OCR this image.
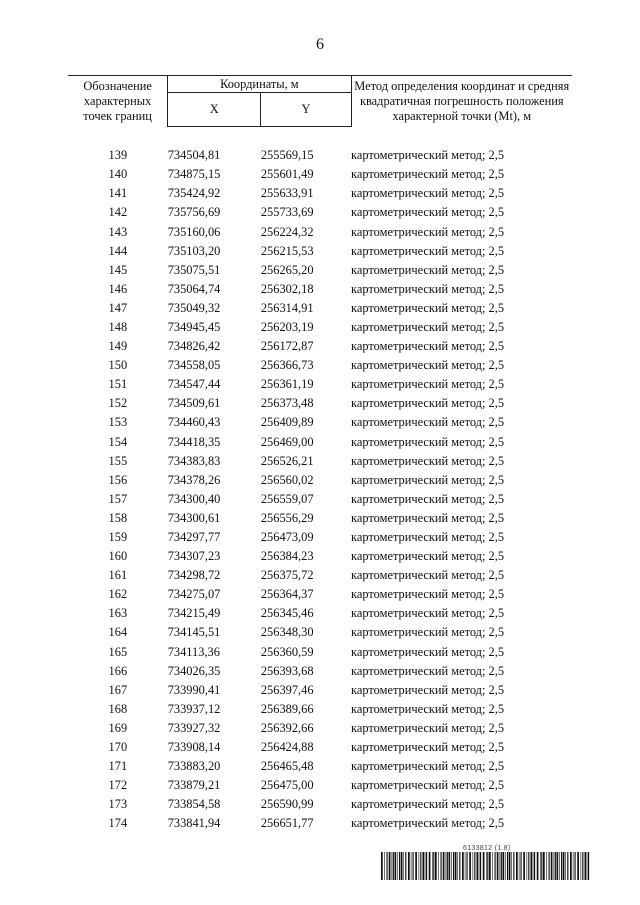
6
Обозначение характерных точек границ	Координаты, м		Метод определения координат и средняя квадратичная погрешность положения характерной точки (Mt), м
	X	Y	

139	734504,81	255569,15	картометрический метод; 2,5
140	734875,15	255601,49	картометрический метод; 2,5
141	735424,92	255633,91	картометрический метод; 2,5
142	735756,69	255733,69	картометрический метод; 2,5
143	735160,06	256224,32	картометрический метод; 2,5
144	735103,20	256215,53	картометрический метод; 2,5
145	735075,51	256265,20	картометрический метод; 2,5
146	735064,74	256302,18	картометрический метод; 2,5
147	735049,32	256314,91	картометрический метод; 2,5
148	734945,45	256203,19	картометрический метод; 2,5
149	734826,42	256172,87	картометрический метод; 2,5
150	734558,05	256366,73	картометрический метод; 2,5
151	734547,44	256361,19	картометрический метод; 2,5
152	734509,61	256373,48	картометрический метод; 2,5
153	734460,43	256409,89	картометрический метод; 2,5
154	734418,35	256469,00	картометрический метод; 2,5
155	734383,83	256526,21	картометрический метод; 2,5
156	734378,26	256560,02	картометрический метод; 2,5
157	734300,40	256559,07	картометрический метод; 2,5
158	734300,61	256556,29	картометрический метод; 2,5
159	734297,77	256473,09	картометрический метод; 2,5
160	734307,23	256384,23	картометрический метод; 2,5
161	734298,72	256375,72	картометрический метод; 2,5
162	734275,07	256364,37	картометрический метод; 2,5
163	734215,49	256345,46	картометрический метод; 2,5
164	734145,51	256348,30	картометрический метод; 2,5
165	734113,36	256360,59	картометрический метод; 2,5
166	734026,35	256393,68	картометрический метод; 2,5
167	733990,41	256397,46	картометрический метод; 2,5
168	733937,12	256389,66	картометрический метод; 2,5
169	733927,32	256392,66	картометрический метод; 2,5
170	733908,14	256424,88	картометрический метод; 2,5
171	733883,20	256465,48	картометрический метод; 2,5
172	733879,21	256475,00	картометрический метод; 2,5
173	733854,58	256590,99	картометрический метод; 2,5
174	733841,94	256651,77	картометрический метод; 2,5
6133812 (1.8)
